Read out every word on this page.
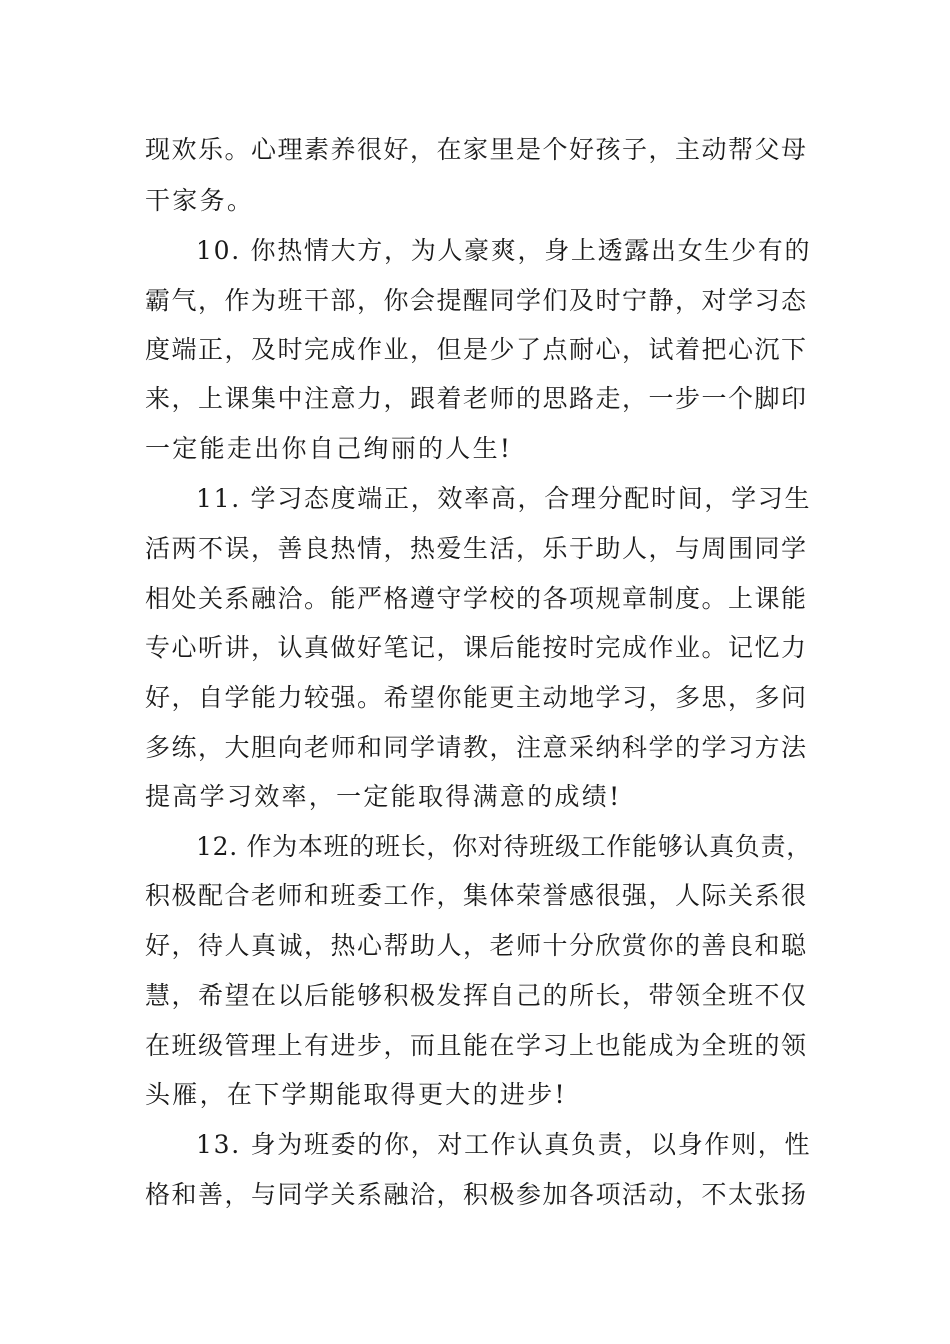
现欢乐。心理素养很好，在家里是个好孩子，主动帮父母
干家务。
10. 你热情大方，为人豪爽，身上透露出女生少有的
霸气，作为班干部，你会提醒同学们及时宁静，对学习态
度端正，及时完成作业，但是少了点耐心，试着把心沉下
来，上课集中注意力，跟着老师的思路走，一步一个脚印
一定能走出你自己绚丽的人生!
11. 学习态度端正，效率高，合理分配时间，学习生
活两不误，善良热情，热爱生活，乐于助人，与周围同学
相处关系融洽。能严格遵守学校的各项规章制度。上课能
专心听讲，认真做好笔记，课后能按时完成作业。记忆力
好，自学能力较强。希望你能更主动地学习，多思，多问
多练，大胆向老师和同学请教，注意采纳科学的学习方法
提高学习效率，一定能取得满意的成绩!
12. 作为本班的班长，你对待班级工作能够认真负责，
积极配合老师和班委工作，集体荣誉感很强，人际关系很
好，待人真诚，热心帮助人，老师十分欣赏你的善良和聪
慧，希望在以后能够积极发挥自己的所长，带领全班不仅
在班级管理上有进步，而且能在学习上也能成为全班的领
头雁，在下学期能取得更大的进步!
13. 身为班委的你，对工作认真负责，以身作则，性
格和善，与同学关系融洽，积极参加各项活动，不太张扬
